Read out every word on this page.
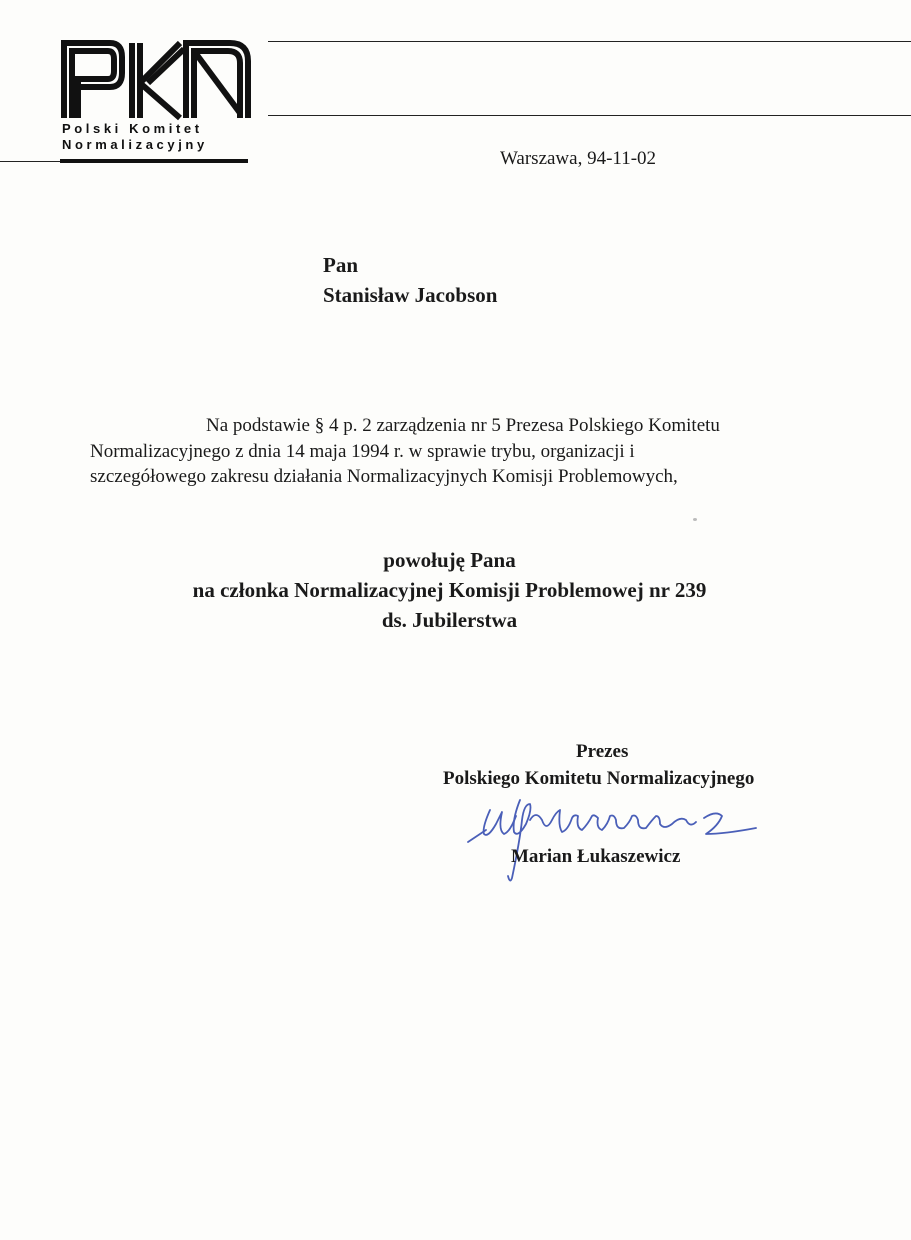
Polski Komitet
Normalizacyjny
Warszawa, 94-11-02
Pan
Stanisław Jacobson
Na podstawie § 4 p. 2 zarządzenia nr 5 Prezesa Polskiego Komitetu
Normalizacyjnego z dnia 14 maja 1994 r. w sprawie trybu, organizacji i
szczegółowego zakresu działania Normalizacyjnych Komisji Problemowych,
powołuję Pana
na członka Normalizacyjnej Komisji Problemowej nr 239
ds. Jubilerstwa
Prezes
Polskiego Komitetu Normalizacyjnego
Marian Łukaszewicz
